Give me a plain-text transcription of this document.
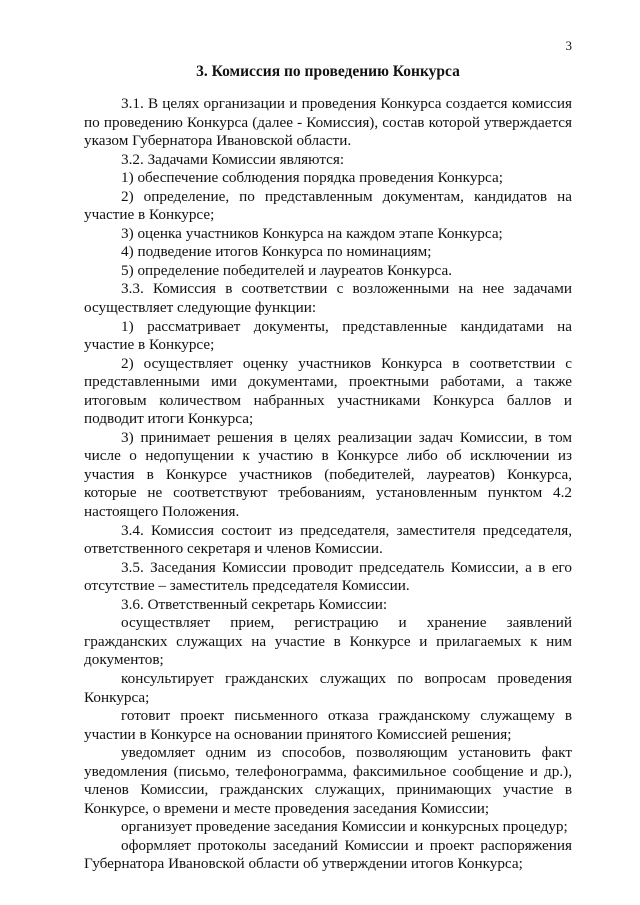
3
3. Комиссия по проведению Конкурса

3.1. В целях организации и проведения Конкурса создается комиссия по проведению Конкурса (далее - Комиссия), состав которой утверждается указом Губернатора Ивановской области.

3.2. Задачами Комиссии являются:

1) обеспечение соблюдения порядка проведения Конкурса;

2) определение, по представленным документам, кандидатов на участие в Конкурсе;

3) оценка участников Конкурса на каждом этапе Конкурса;

4) подведение итогов Конкурса по номинациям;

5) определение победителей и лауреатов Конкурса.

3.3. Комиссия в соответствии с возложенными на нее задачами осуществляет следующие функции:

1) рассматривает документы, представленные кандидатами на участие в Конкурсе;

2) осуществляет оценку участников Конкурса в соответствии с представленными ими документами, проектными работами, а также итоговым количеством набранных участниками Конкурса баллов и подводит итоги Конкурса;

3) принимает решения в целях реализации задач Комиссии, в том числе о недопущении к участию в Конкурсе либо об исключении из участия в Конкурсе участников (победителей, лауреатов) Конкурса, которые не соответствуют требованиям, установленным пунктом 4.2 настоящего Положения.

3.4. Комиссия состоит из председателя, заместителя председателя, ответственного секретаря и членов Комиссии.

3.5. Заседания Комиссии проводит председатель Комиссии, а в его отсутствие – заместитель председателя Комиссии.

3.6. Ответственный секретарь Комиссии:

осуществляет прием, регистрацию и хранение заявлений гражданских служащих на участие в Конкурсе и прилагаемых к ним документов;

консультирует гражданских служащих по вопросам проведения Конкурса;

готовит проект письменного отказа гражданскому служащему в участии в Конкурсе на основании принятого Комиссией решения;

уведомляет одним из способов, позволяющим установить факт уведомления (письмо, телефонограмма, факсимильное сообщение и др.), членов Комиссии, гражданских служащих, принимающих участие в Конкурсе, о времени и месте проведения заседания Комиссии;

организует проведение заседания Комиссии и конкурсных процедур;

оформляет протоколы заседаний Комиссии и проект распоряжения Губернатора Ивановской области об утверждении итогов Конкурса;
